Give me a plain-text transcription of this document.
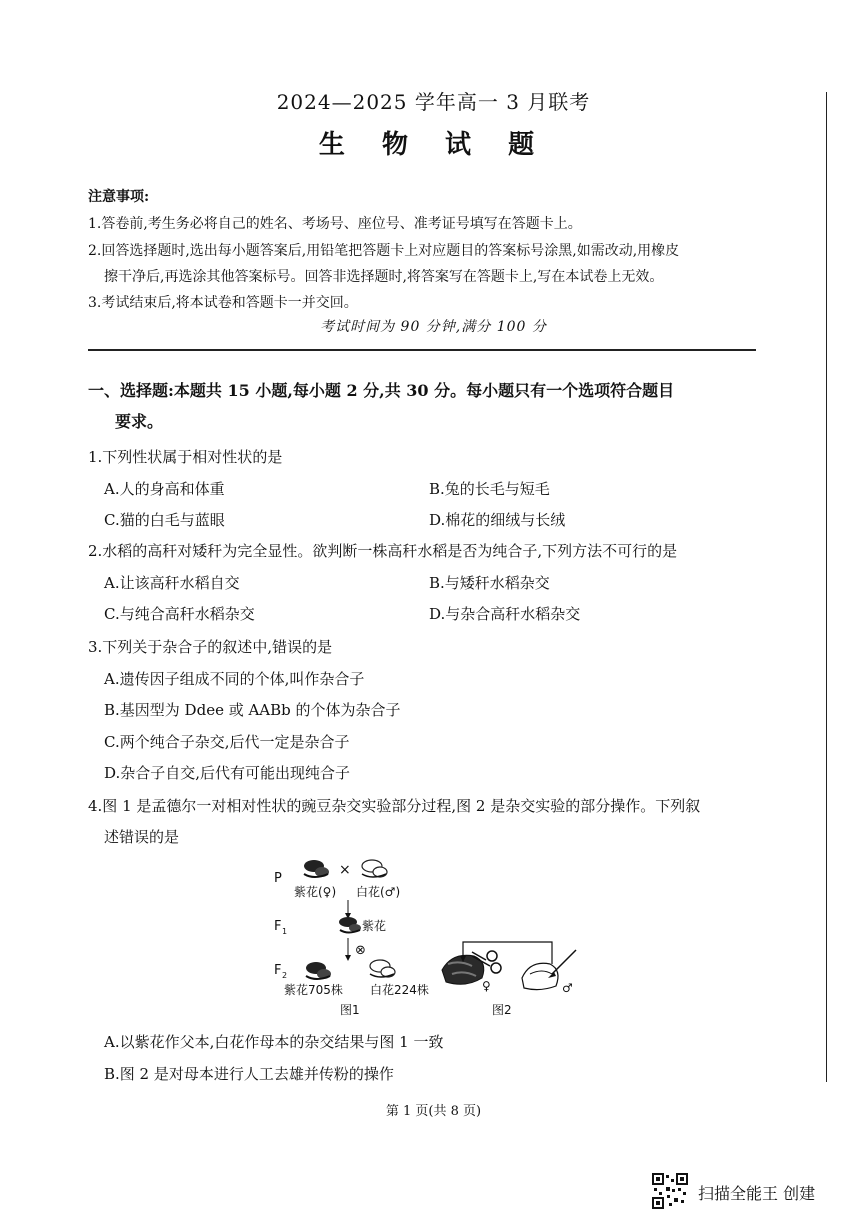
2024—2025 学年高一 3 月联考
生 物 试 题
注意事项:
1.答卷前,考生务必将自己的姓名、考场号、座位号、准考证号填写在答题卡上。
2.回答选择题时,选出每小题答案后,用铅笔把答题卡上对应题目的答案标号涂黑,如需改动,用橡皮
擦干净后,再选涂其他答案标号。回答非选择题时,将答案写在答题卡上,写在本试卷上无效。
3.考试结束后,将本试卷和答题卡一并交回。
考试时间为 90 分钟,满分 100 分
一、选择题:本题共 15 小题,每小题 2 分,共 30 分。每小题只有一个选项符合题目
要求。
1.下列性状属于相对性状的是
A.人的身高和体重	B.兔的长毛与短毛
C.猫的白毛与蓝眼	D.棉花的细绒与长绒
2.水稻的高秆对矮秆为完全显性。欲判断一株高秆水稻是否为纯合子,下列方法不可行的是
A.让该高秆水稻自交	B.与矮秆水稻杂交
C.与纯合高秆水稻杂交	D.与杂合高秆水稻杂交
3.下列关于杂合子的叙述中,错误的是
A.遗传因子组成不同的个体,叫作杂合子
B.基因型为 Ddee 或 AABb 的个体为杂合子
C.两个纯合子杂交,后代一定是杂合子
D.杂合子自交,后代有可能出现纯合子
4.图 1 是孟德尔一对相对性状的豌豆杂交实验部分过程,图 2 是杂交实验的部分操作。下列叙
述错误的是
P
×
紫花(♀) 白花(♂)
F 1	紫花
⊗
F 2
紫花705株 白花224株
图1
♀	♂
图2
A.以紫花作父本,白花作母本的杂交结果与图 1 一致
B.图 2 是对母本进行人工去雄并传粉的操作
第 1 页(共 8 页)
扫描全能王 创建
